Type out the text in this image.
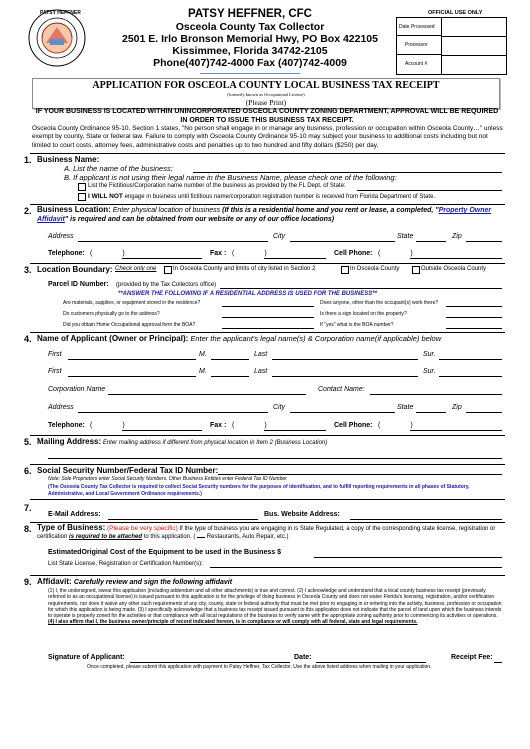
PATSY HEFFNER	PATSY HEFFNER, CFC
Osceola County Tax Collector
2501 E. Irlo Bronson Memorial Hwy, PO Box 422105
Kissimmee, Florida 34742-2105
Phone(407)742-4000 Fax (407)742-4009
OFFICIAL USE ONLY
Date Processed
Processor
Account #
APPLICATION FOR OSCEOLA COUNTY LOCAL BUSINESS TAX RECEIPT
(formerly known as Occupational License)
(Please Print)
IF YOUR BUSINESS IS LOCATED WITHIN UNINCORPORATED OSCEOLA COUNTY ZONING DEPARTMENT, APPROVAL WILL BE REQUIRED IN ORDER TO ISSUE THIS BUSINESS TAX RECEIPT.
Osceola County Ordinance 95-10, Section 1 states, "No person shall engage in or manage any business, profession or occupation within Osceola County…" unless exempt by county, State or federal law. Failure to comply with Osceola County Ordinance 95-10 may subject your business to additional costs including but not limited to court costs, attorney fees, administrative costs and penalties up to two hundred and fifty dollars ($250) per day.
1. Business Name:
A. List the name of the business:
B. If applicant is not using their legal name in the Business Name, please check one of the following:
List the Fictitious/Corporation name number of the business as provided by the FL Dept. of State:
I WILL NOT engage in business until fictitious name/corporation registration number is received from Florida Department of State.
2. Business Location: Enter physical location of business (If this is a residential home and you rent or lease, a completed, "Property Owner Affidavit" is required and can be obtained from our website or any of our office locations)
Address	City	State	Zip
Telephone: (	)	Fax : (	)	Cell Phone: (	)
3. Location Boundary: Check only one	In Osceola County and limits of city listed in Section 2	In Osceola County	Outside Osceola County
Parcel ID Number: (provided by the Tax Collectors office)
**ANSWER THE FOLLOWING IF A RESIDENTIAL ADDRESS IS USED FOR THE BUSINESS**
Are materials, supplies, or equipment stored in the residence?	Does anyone, other than the occupant(s) work there?
Do customers physically go to the address?	Is there a sign located on the property?
Did you obtain Home Occupational approval form the BOA?	If "yes" what is the BOA number?
4. Name of Applicant (Owner or Principal): Enter the applicant's legal name(s) & Corporation name(if applicable) below
First	M.	Last	Sur.
First	M.	Last	Sur.
Corporation Name	Contact Name:
Address	City	State	Zip
Telephone: (	)	Fax : (	)	Cell Phone: (	)
5. Mailing Address: Enter mailing address if different from physical location in Item 2 (Business Location)
6. Social Security Number/Federal Tax ID Number:
Note: Sole Proprietors enter Social Security Numbers. Other Business Entities enter Federal Tax ID Number
(The Osceola County Tax Collector is required to collect Social Security numbers for the purposes of identification, and to fulfill reporting requirements in all phases of Statutory, Administrative, and Local Government Ordinance requirements.)
7.
E-Mail Address:	Bus. Website Address:
8. Type of Business: (Please be very specific) If the type of business you are engaging in is State Regulated, a copy of the corresponding state license, registration or certification is required to be attached to this application. ( Restaurants, Auto Repair, etc.)
EstimatedOriginal Cost of the Equipment to be used in the Business $
List State License, Registration or Certification Number(s):
9. Affidavit: Carefully review and sign the following affidavit
(1) I, the undersigned, swear this application (including addendum and all other attachments) is true and correct. (2) I acknowledge and understand that a local county business tax receipt (previously referred to as an occupational license) is issued pursuant to this application is for the privilege of doing business in Osceola County and does not waive Florida's licensing, registration, and/or certification requirements, nor does it waive any other such requirements of any city, county, state or federal authority that must be met prior to engaging in or entering into the activity, business, profession or occupation for which this application is being made. (3) I specifically acknowledge that a business tax receipt issued pursuant to this application does not indicate that the parcel of land upon which the business intends to operate is properly zoned for the activities or that compliance with all local regulations of the business to verify same with the appropriate zoning authority prior to commencing its activities or operations. (4) I also affirm that I, the business owner/principle of record indicated hereon, is in compliance or will comply with all federal, state and legal requirements.
Signature of Applicant:	Date:	Receipt Fee:
Once completed, please submit this application with payment to Patsy Heffner, Tax Collector. Use the above listed address when mailing in your application.
